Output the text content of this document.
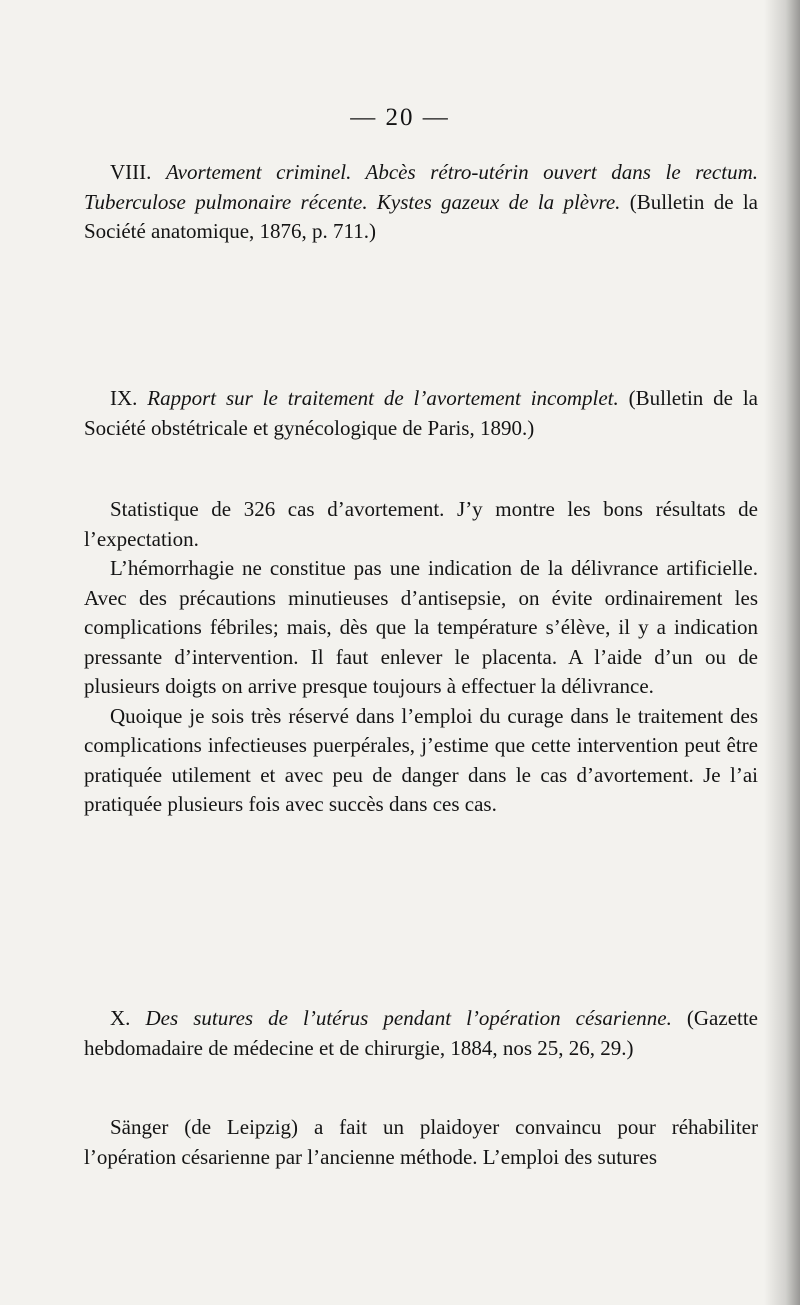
— 20 —

VIII. Avortement criminel. Abcès rétro-utérin ouvert dans le rectum. Tuberculose pulmonaire récente. Kystes gazeux de la plèvre. (Bulletin de la Société anatomique, 1876, p. 711.)

IX. Rapport sur le traitement de l’avortement incomplet. (Bulletin de la Société obstétricale et gynécologique de Paris, 1890.)

Statistique de 326 cas d’avortement. J’y montre les bons résultats de l’expectation.

L’hémorrhagie ne constitue pas une indication de la délivrance artificielle. Avec des précautions minutieuses d’antisepsie, on évite ordinairement les complications fébriles; mais, dès que la température s’élève, il y a indication pressante d’intervention. Il faut enlever le placenta. A l’aide d’un ou de plusieurs doigts on arrive presque toujours à effectuer la délivrance.

Quoique je sois très réservé dans l’emploi du curage dans le traitement des complications infectieuses puerpérales, j’estime que cette intervention peut être pratiquée utilement et avec peu de danger dans le cas d’avortement. Je l’ai pratiquée plusieurs fois avec succès dans ces cas.

X. Des sutures de l’utérus pendant l’opération césarienne. (Gazette hebdomadaire de médecine et de chirurgie, 1884, nos 25, 26, 29.)

Sänger (de Leipzig) a fait un plaidoyer convaincu pour réhabiliter l’opération césarienne par l’ancienne méthode. L’emploi des sutures
